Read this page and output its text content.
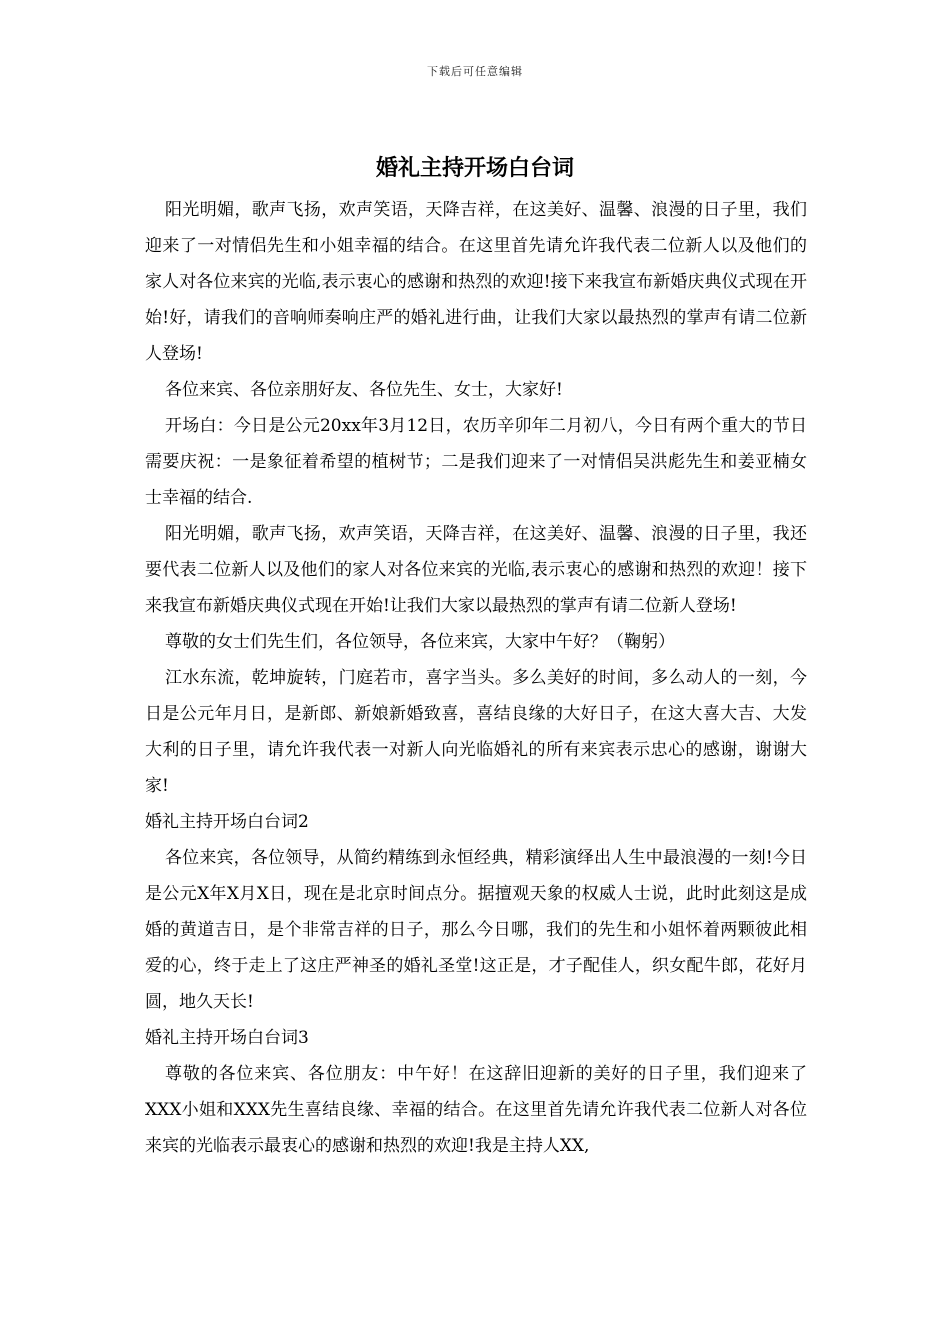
下载后可任意编辑
婚礼主持开场白台词

阳光明媚，歌声飞扬，欢声笑语，天降吉祥，在这美好、温馨、浪漫的日子里，我们迎来了一对情侣先生和小姐幸福的结合。在这里首先请允许我代表二位新人以及他们的家人对各位来宾的光临,表示衷心的感谢和热烈的欢迎!接下来我宣布新婚庆典仪式现在开始!好，请我们的音响师奏响庄严的婚礼进行曲，让我们大家以最热烈的掌声有请二位新人登场!

各位来宾、各位亲朋好友、各位先生、女士，大家好!

开场白：今日是公元20xx年3月12日，农历辛卯年二月初八，今日有两个重大的节日需要庆祝：一是象征着希望的植树节；二是我们迎来了一对情侣吴洪彪先生和姜亚楠女士幸福的结合.

阳光明媚，歌声飞扬，欢声笑语，天降吉祥，在这美好、温馨、浪漫的日子里，我还要代表二位新人以及他们的家人对各位来宾的光临,表示衷心的感谢和热烈的欢迎！接下来我宣布新婚庆典仪式现在开始!让我们大家以最热烈的掌声有请二位新人登场!

尊敬的女士们先生们，各位领导，各位来宾，大家中午好？（鞠躬）

江水东流，乾坤旋转，门庭若市，喜字当头。多么美好的时间，多么动人的一刻，今日是公元年月日，是新郎、新娘新婚致喜，喜结良缘的大好日子，在这大喜大吉、大发大利的日子里，请允许我代表一对新人向光临婚礼的所有来宾表示忠心的感谢，谢谢大家!

婚礼主持开场白台词2

各位来宾，各位领导，从简约精练到永恒经典，精彩演绎出人生中最浪漫的一刻!今日是公元X年X月X日，现在是北京时间点分。据擅观天象的权威人士说，此时此刻这是成婚的黄道吉日，是个非常吉祥的日子，那么今日哪，我们的先生和小姐怀着两颗彼此相爱的心，终于走上了这庄严神圣的婚礼圣堂!这正是，才子配佳人，织女配牛郎，花好月圆，地久天长!

婚礼主持开场白台词3

尊敬的各位来宾、各位朋友：中午好！在这辞旧迎新的美好的日子里，我们迎来了XXX小姐和XXX先生喜结良缘、幸福的结合。在这里首先请允许我代表二位新人对各位来宾的光临表示最衷心的感谢和热烈的欢迎!我是主持人XX,
